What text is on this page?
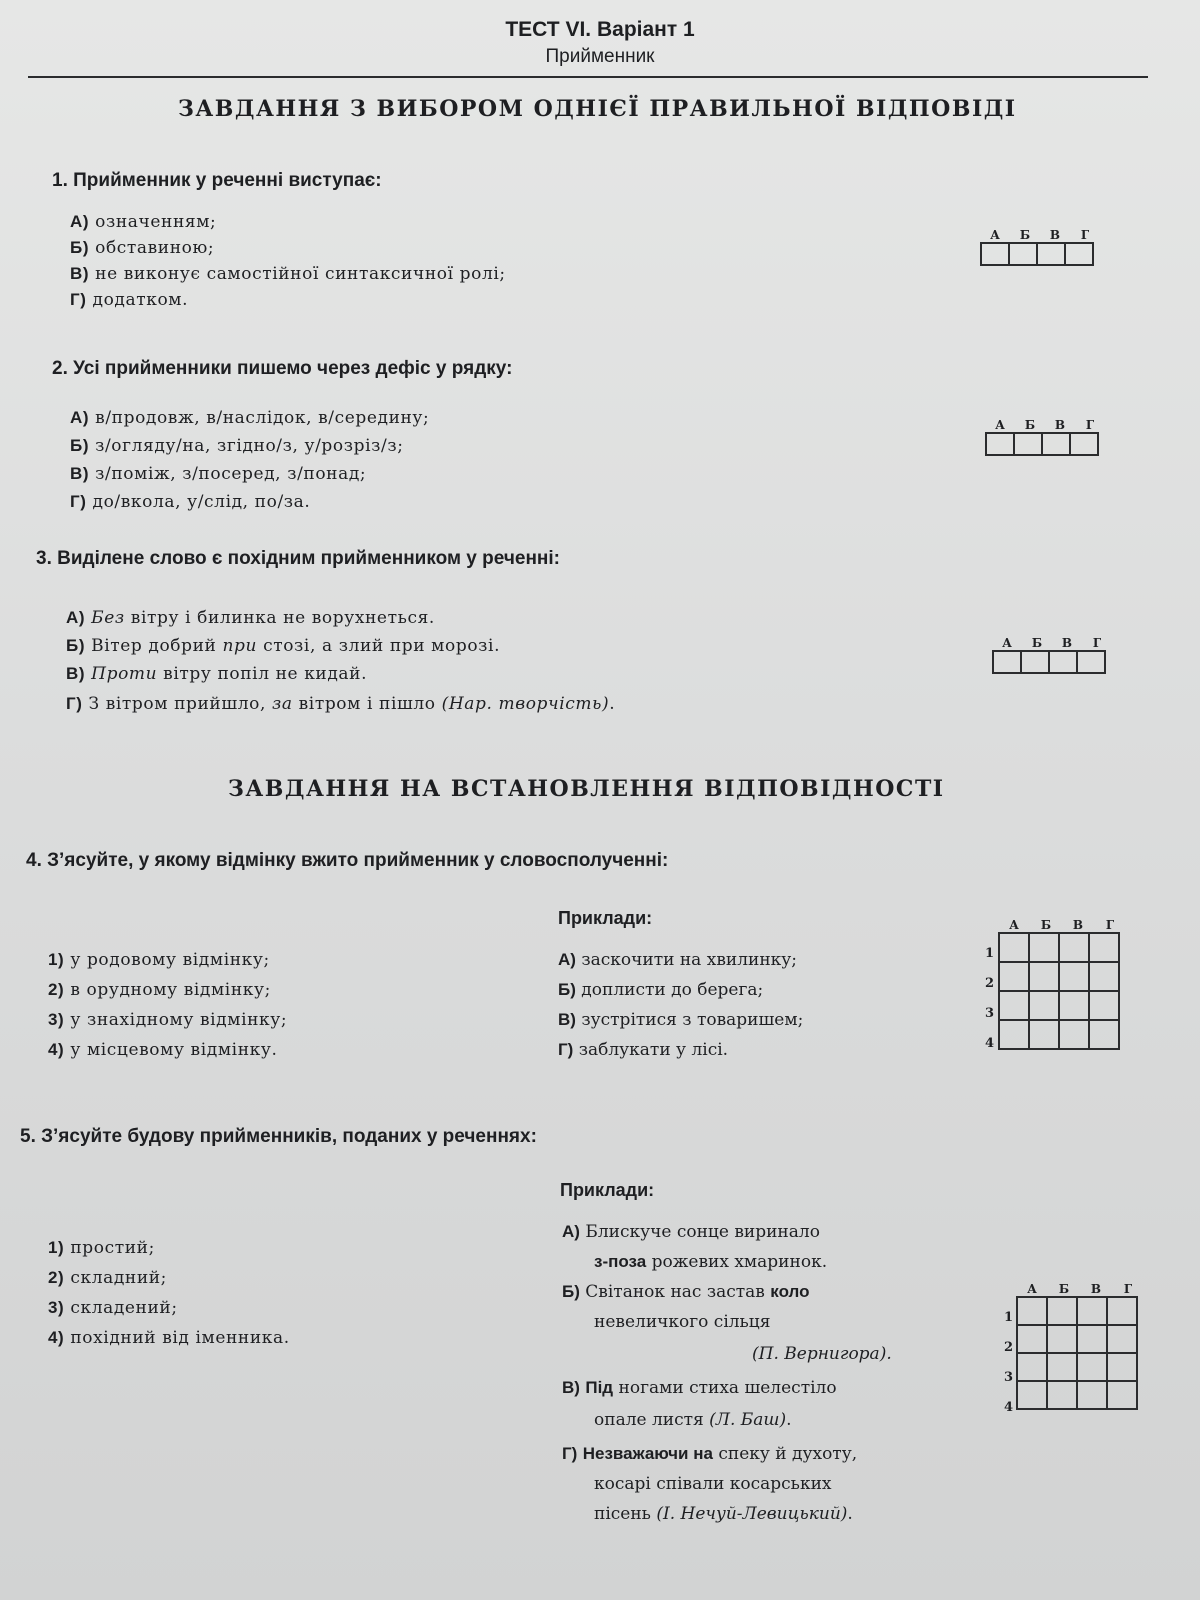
ТЕСТ VI. Варіант 1
Прийменник
ЗАВДАННЯ З ВИБОРОМ ОДНІЄЇ ПРАВИЛЬНОЇ ВІДПОВІДІ
1. Прийменник у реченні виступає:
А) означенням;
Б) обставиною;
В) не виконує самостійної синтаксичної ролі;
Г) додатком.
А	Б	В	Г

2. Усі прийменники пишемо через дефіс у рядку:
А) в/продовж, в/наслідок, в/середину;
Б) з/огляду/на, згідно/з, у/розріз/з;
В) з/поміж, з/посеред, з/понад;
Г) до/вкола, у/слід, по/за.
А	Б	В	Г

3. Виділене слово є похідним прийменником у реченні:
А) Без вітру і билинка не ворухнеться.
Б) Вітер добрий при стозі, а злий при морозі.
В) Проти вітру попіл не кидай.
Г) З вітром прийшло, за вітром і пішло (Нар. творчість).
А	Б	В	Г

ЗАВДАННЯ НА ВСТАНОВЛЕННЯ ВІДПОВІДНОСТІ
4. З’ясуйте, у якому відмінку вжито прийменник у словосполученні:
Приклади:
1) у родовому відмінку;
2) в орудному відмінку;
3) у знахідному відмінку;
4) у місцевому відмінку.
А) заскочити на хвилинку;
Б) доплисти до берега;
В) зустрітися з товаришем;
Г) заблукати у лісі.
А	Б	В	Г

1
2
3
4
5. З’ясуйте будову прийменників, поданих у реченнях:
Приклади:
1) простий;
2) складний;
3) складений;
4) похідний від іменника.
А) Блискуче сонце виринало
з-поза рожевих хмаринок.
Б) Світанок нас застав коло
невеличкого сільця
(П. Вернигора).
В) Під ногами стиха шелестіло
опале листя (Л. Баш).
Г) Незважаючи на спеку й духоту,
косарі співали косарських
пісень (І. Нечуй-Левицький).
А	Б	В	Г

1
2
3
4
